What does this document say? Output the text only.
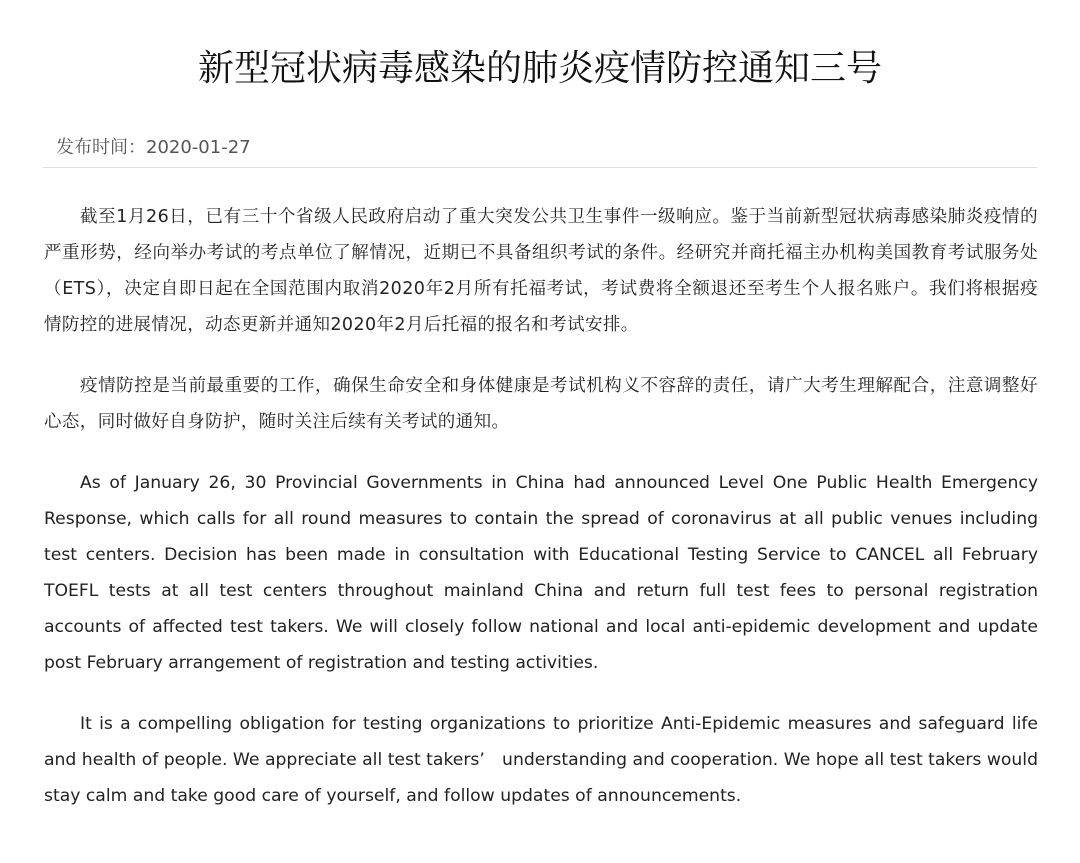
新型冠状病毒感染的肺炎疫情防控通知三号
发布时间：2020-01-27

截至1月26日，已有三十个省级人民政府启动了重大突发公共卫生事件一级响应。鉴于当前新型冠状病毒感染肺炎疫情的严重形势，经向举办考试的考点单位了解情况，近期已不具备组织考试的条件。经研究并商托福主办机构美国教育考试服务处（ETS），决定自即日起在全国范围内取消2020年2月所有托福考试，考试费将全额退还至考生个人报名账户。我们将根据疫情防控的进展情况，动态更新并通知2020年2月后托福的报名和考试安排。

疫情防控是当前最重要的工作，确保生命安全和身体健康是考试机构义不容辞的责任，请广大考生理解配合，注意调整好心态，同时做好自身防护，随时关注后续有关考试的通知。

As of January 26, 30 Provincial Governments in China had announced Level One Public Health Emergency Response, which calls for all round measures to contain the spread of coronavirus at all public venues including test centers. Decision has been made in consultation with Educational Testing Service to CANCEL all February TOEFL tests at all test centers throughout mainland China and return full test fees to personal registration accounts of affected test takers. We will closely follow national and local anti-epidemic development and update post February arrangement of registration and testing activities.

It is a compelling obligation for testing organizations to prioritize Anti-Epidemic measures and safeguard life and health of people. We appreciate all test takers’　understanding and cooperation. We hope all test takers would stay calm and take good care of yourself, and follow updates of announcements.
